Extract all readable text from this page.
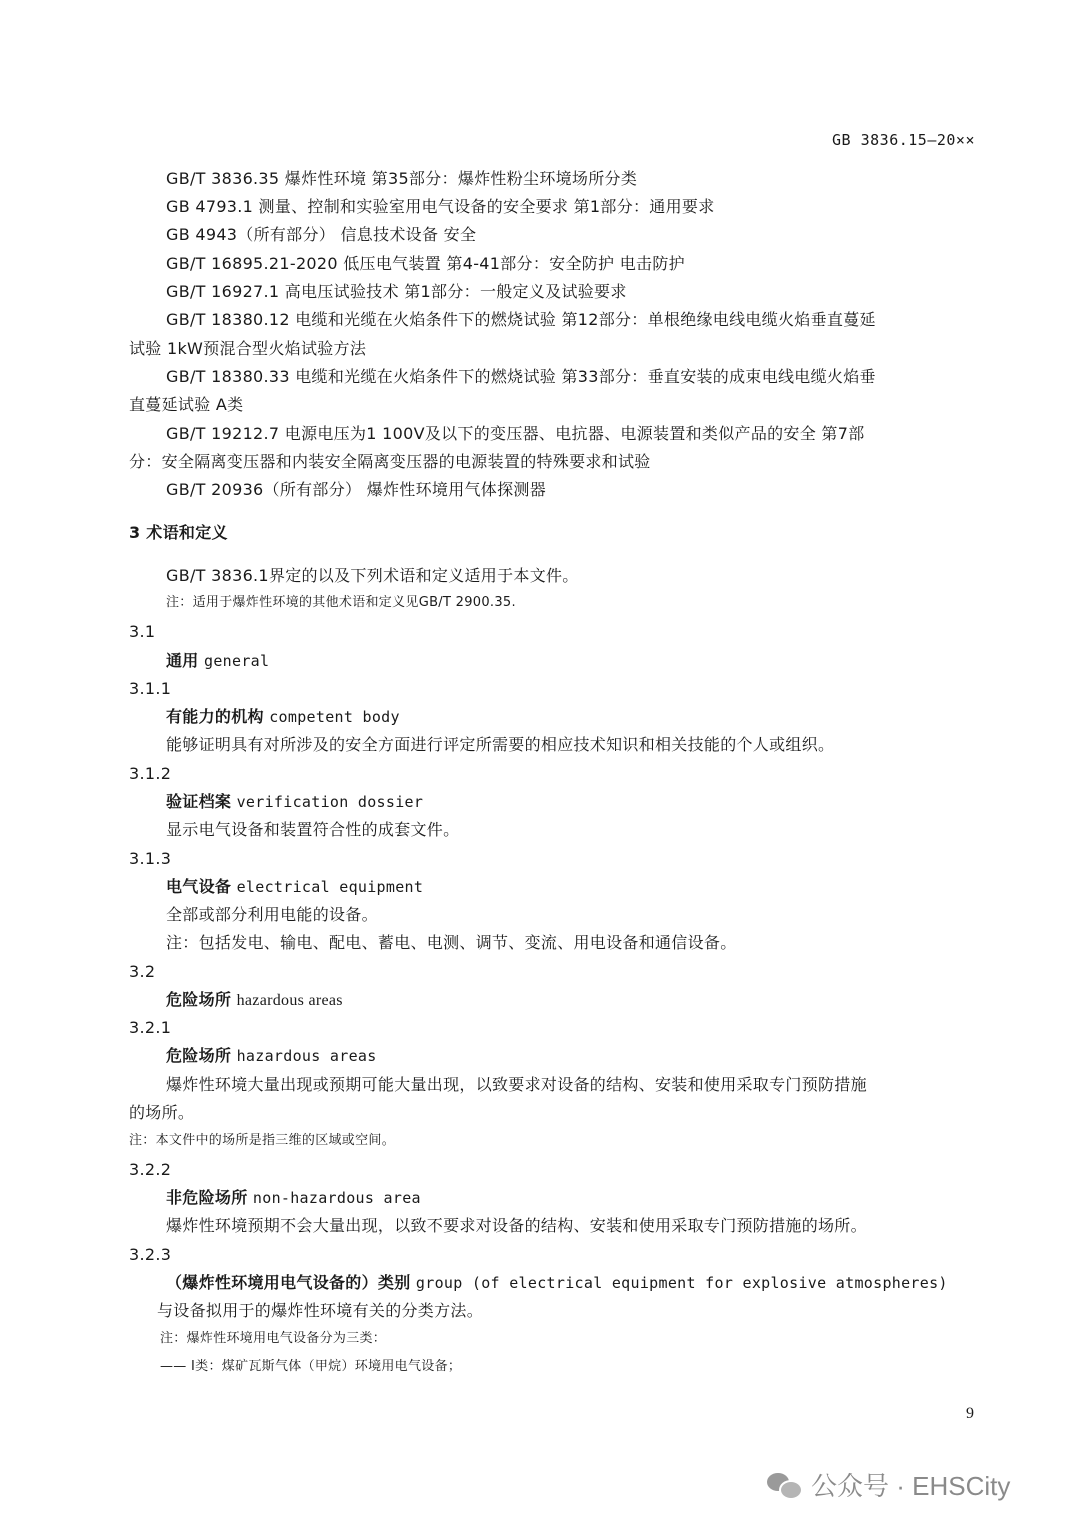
GB 3836.15—20××
GB/T 3836.35 爆炸性环境 第35部分：爆炸性粉尘环境场所分类
GB 4793.1 测量、控制和实验室用电气设备的安全要求 第1部分：通用要求
GB 4943（所有部分） 信息技术设备 安全
GB/T 16895.21-2020 低压电气装置 第4-41部分：安全防护 电击防护
GB/T 16927.1 高电压试验技术 第1部分：一般定义及试验要求
GB/T 18380.12 电缆和光缆在火焰条件下的燃烧试验 第12部分：单根绝缘电线电缆火焰垂直蔓延
试验 1kW预混合型火焰试验方法
GB/T 18380.33 电缆和光缆在火焰条件下的燃烧试验 第33部分：垂直安装的成束电线电缆火焰垂
直蔓延试验 A类
GB/T 19212.7 电源电压为1 100V及以下的变压器、电抗器、电源装置和类似产品的安全 第7部
分：安全隔离变压器和内装安全隔离变压器的电源装置的特殊要求和试验
GB/T 20936（所有部分） 爆炸性环境用气体探测器
3 术语和定义
GB/T 3836.1界定的以及下列术语和定义适用于本文件。
注：适用于爆炸性环境的其他术语和定义见GB/T 2900.35.
3.1
通用 general
3.1.1
有能力的机构 competent body
能够证明具有对所涉及的安全方面进行评定所需要的相应技术知识和相关技能的个人或组织。
3.1.2
验证档案 verification dossier
显示电气设备和装置符合性的成套文件。
3.1.3
电气设备 electrical equipment
全部或部分利用电能的设备。
注：包括发电、输电、配电、蓄电、电测、调节、变流、用电设备和通信设备。
3.2
危险场所 hazardous areas
3.2.1
危险场所 hazardous areas
爆炸性环境大量出现或预期可能大量出现，以致要求对设备的结构、安装和使用采取专门预防措施
的场所。
注：本文件中的场所是指三维的区域或空间。
3.2.2
非危险场所 non-hazardous area
爆炸性环境预期不会大量出现，以致不要求对设备的结构、安装和使用采取专门预防措施的场所。
3.2.3
（爆炸性环境用电气设备的）类别 group (of electrical equipment for explosive atmospheres)
与设备拟用于的爆炸性环境有关的分类方法。
注：爆炸性环境用电气设备分为三类：
—— I类：煤矿瓦斯气体（甲烷）环境用电气设备；
9
公众号 · EHSCity
